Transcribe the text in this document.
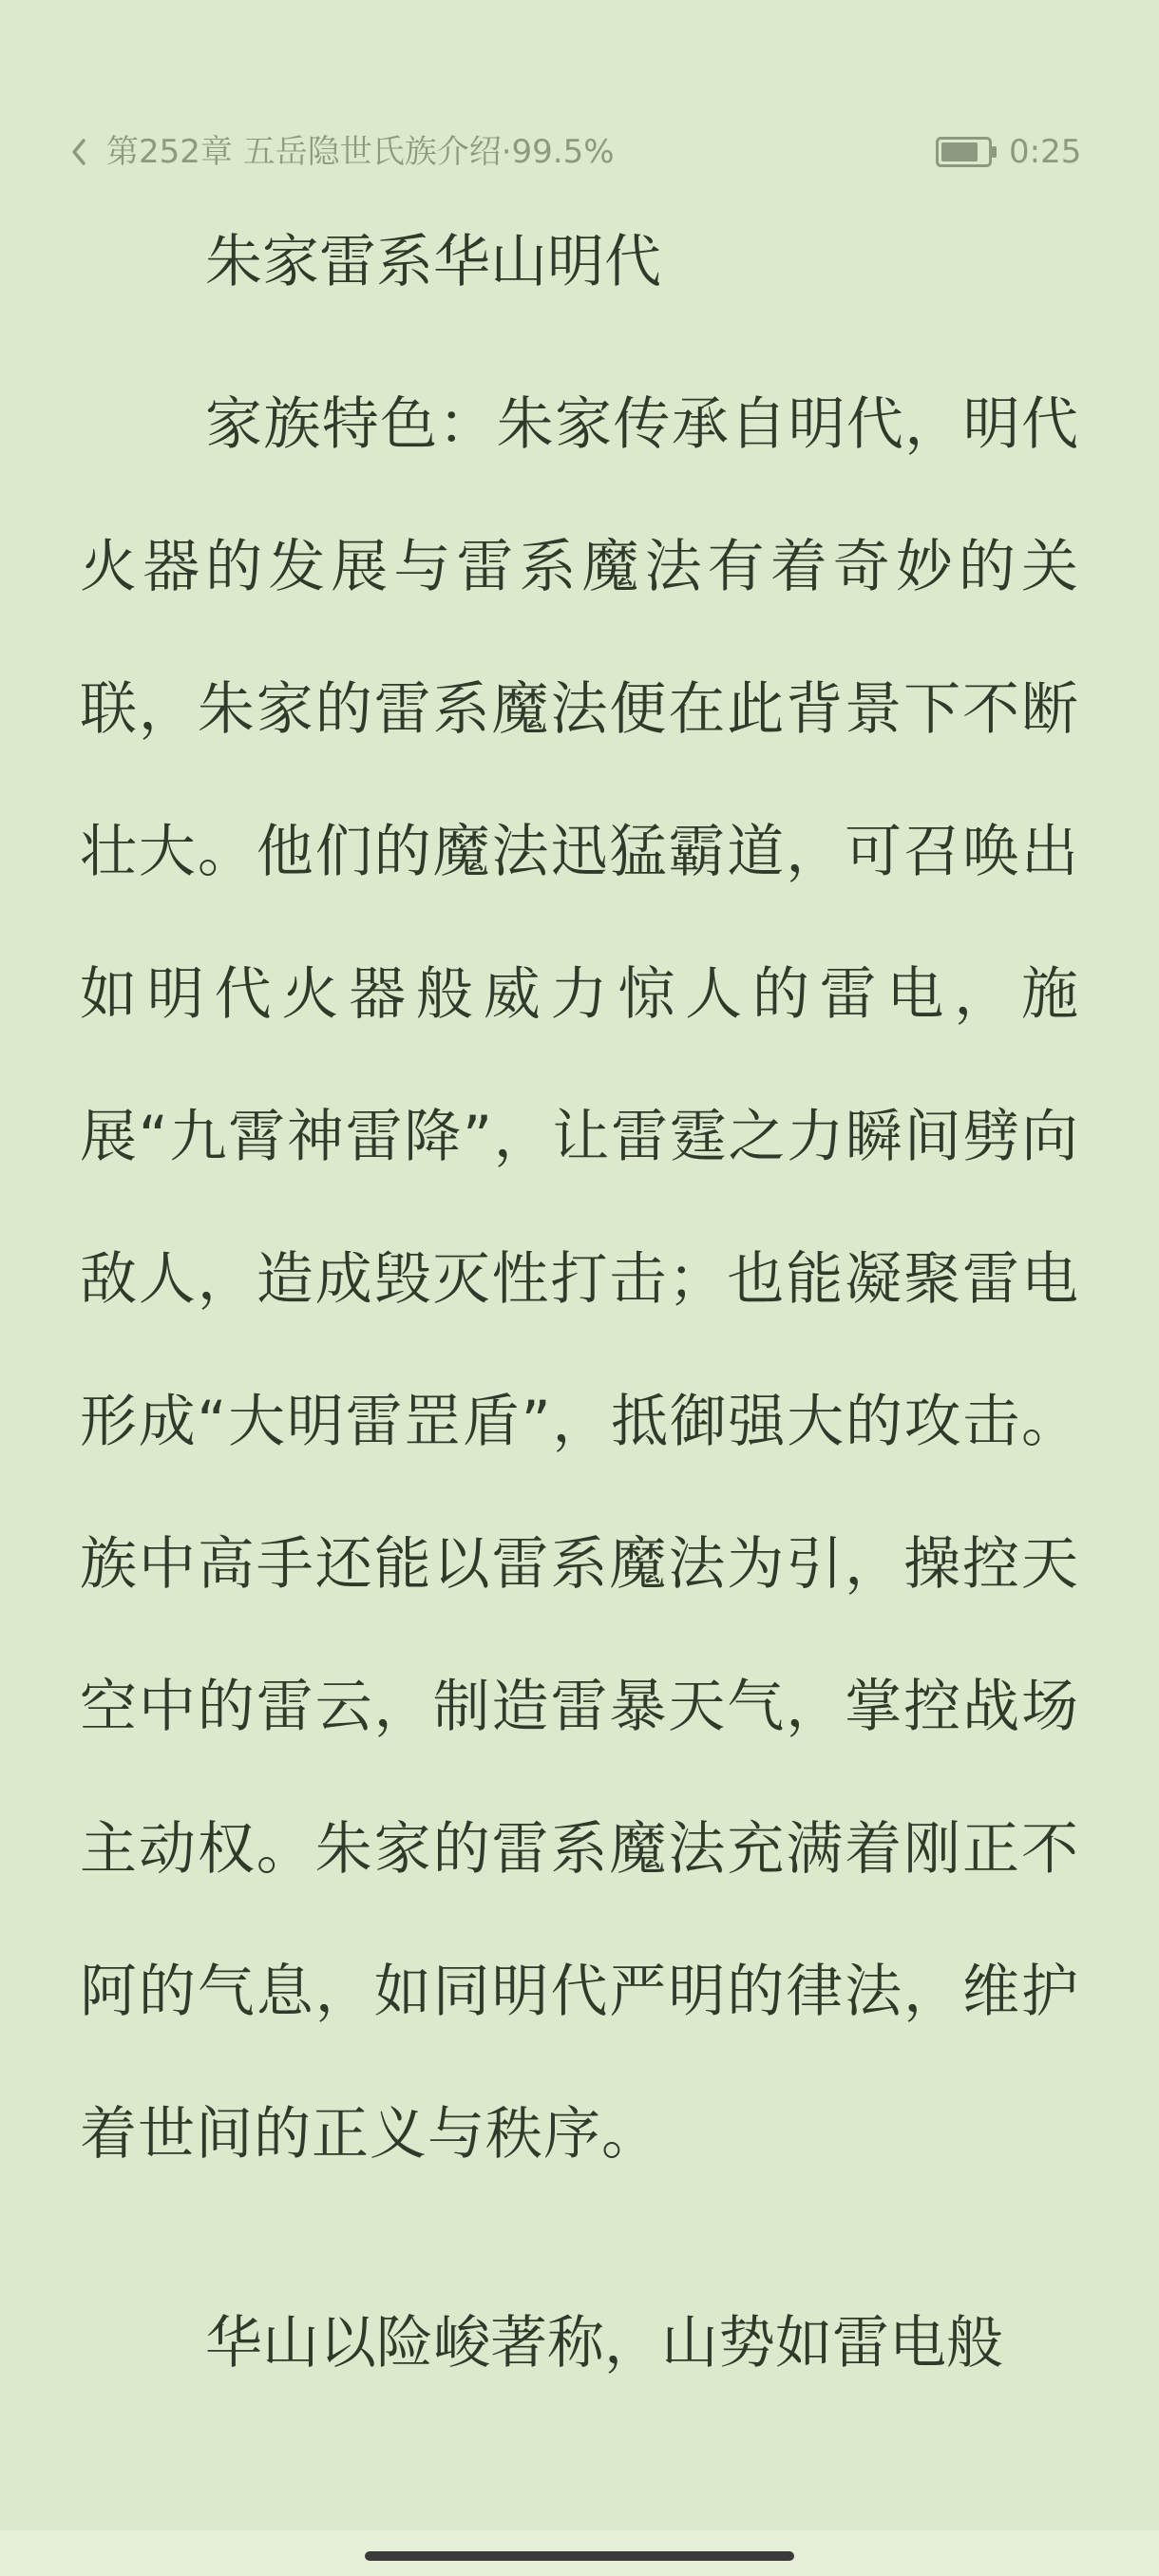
第252章 五岳隐世氏族介绍·99.5%	0:25

朱家雷系华山明代

家族特色：朱家传承自明代，明代火器的发展与雷系魔法有着奇妙的关联，朱家的雷系魔法便在此背景下不断壮大。他们的魔法迅猛霸道，可召唤出如明代火器般威力惊人的雷电，施展“九霄神雷降”，让雷霆之力瞬间劈向敌人，造成毁灭性打击；也能凝聚雷电形成“大明雷罡盾”，抵御强大的攻击。族中高手还能以雷系魔法为引，操控天空中的雷云，制造雷暴天气，掌控战场主动权。朱家的雷系魔法充满着刚正不阿的气息，如同明代严明的律法，维护着世间的正义与秩序。

华山以险峻著称，山势如雷电般
